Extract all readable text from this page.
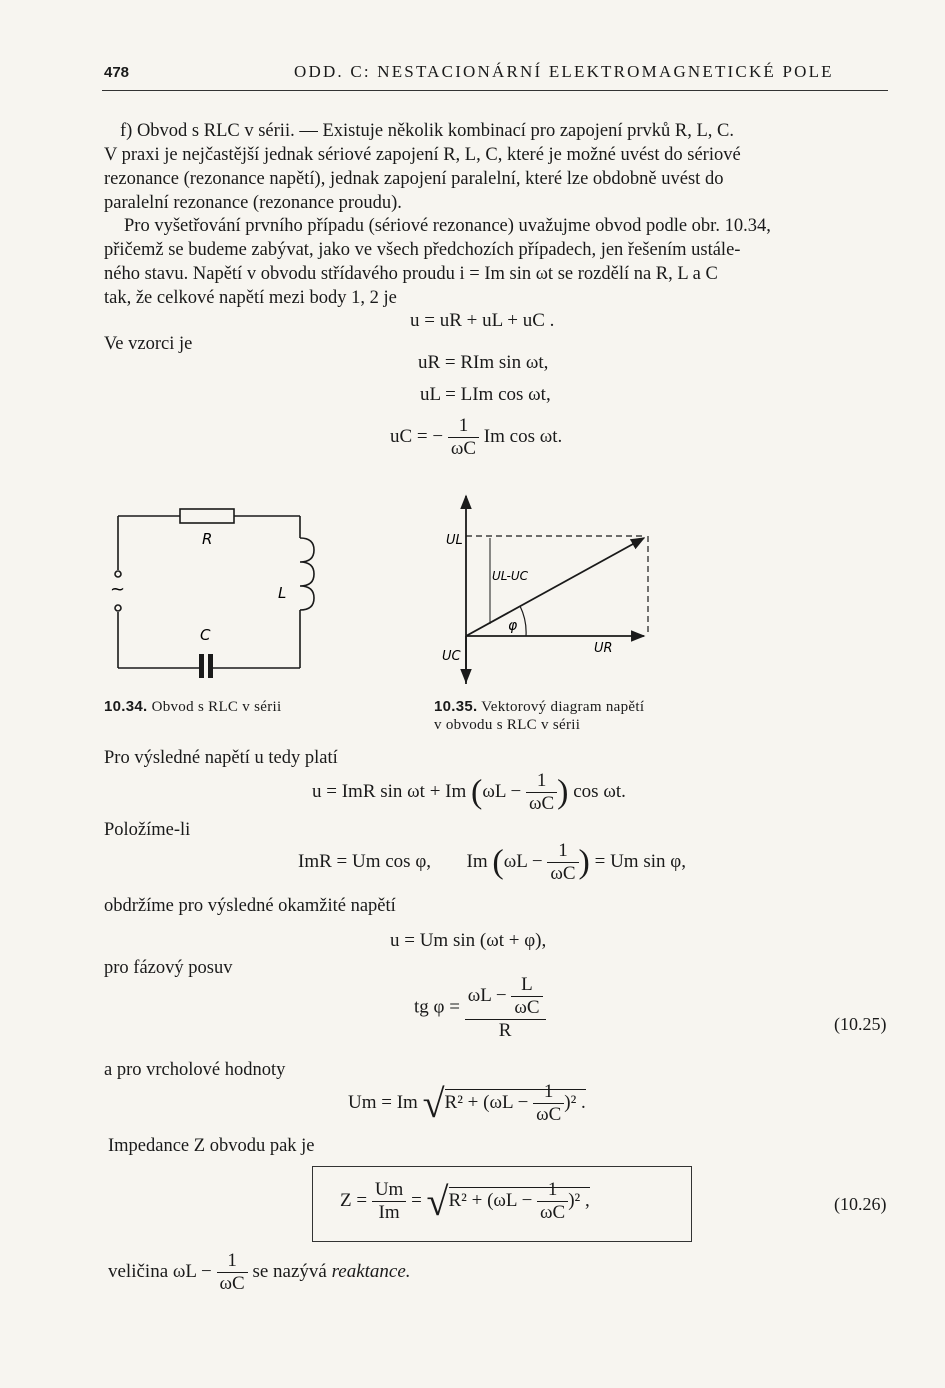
478	ODD. C: NESTACIONÁRNÍ ELEKTROMAGNETICKÉ POLE
f) Obvod s RLC v sérii. — Existuje několik kombinací pro zapojení prvků R, L, C.
V praxi je nejčastější jednak sériové zapojení R, L, C, které je možné uvést do sériové
rezonance (rezonance napětí), jednak zapojení paralelní, které lze obdobně uvést do
paralelní rezonance (rezonance proudu).
Pro vyšetřování prvního případu (sériové rezonance) uvažujme obvod podle obr. 10.34,
přičemž se budeme zabývat, jako ve všech předchozích případech, jen řešením ustále-
ného stavu. Napětí v obvodu střídavého proudu i = Im sin ωt se rozdělí na R, L a C
tak, že celkové napětí mezi body 1, 2 je
u = uR + uL + uC .
Ve vzorci je
uR = RIm sin ωt,
uL = LIm cos ωt,
uC = − $\frac{1}{\omega C}$ Im cos ωt.
R
L
C
~
10.34. Obvod s RLC v sérii
UL
UL-UC
φ
UC
UR
10.35. Vektorový diagram napětí
v obvodu s RLC v sérii
Pro výsledné napětí u tedy platí
u = ImR sin ωt + Im ($\omega L - \frac{1}{\omega C}$ ) cos ωt.
Položíme-li
ImR = Um cos φ, Im ($\omega L - \frac{1}{\omega C}$ ) = Um sin φ,
obdržíme pro výsledné okamžité napětí
u = Um sin (ωt + φ),
pro fázový posuv
tg $\varphi = \frac{\omega L - \frac{L}{\omega C}}{R}$	(10.25)
a pro vrcholové hodnoty
Um = Im $√R^2 + (\omega L - \frac{1}{\omega C} )^2$ .
Impedance Z obvodu pak je
$Z = \frac{Um}{Im} = √R^2 + (\omega L - \frac{1}{\omega C} )^2$ ,	(10.26)
veličina $\omega L - \frac{1}{\omega C}$ se nazývá reaktance.
